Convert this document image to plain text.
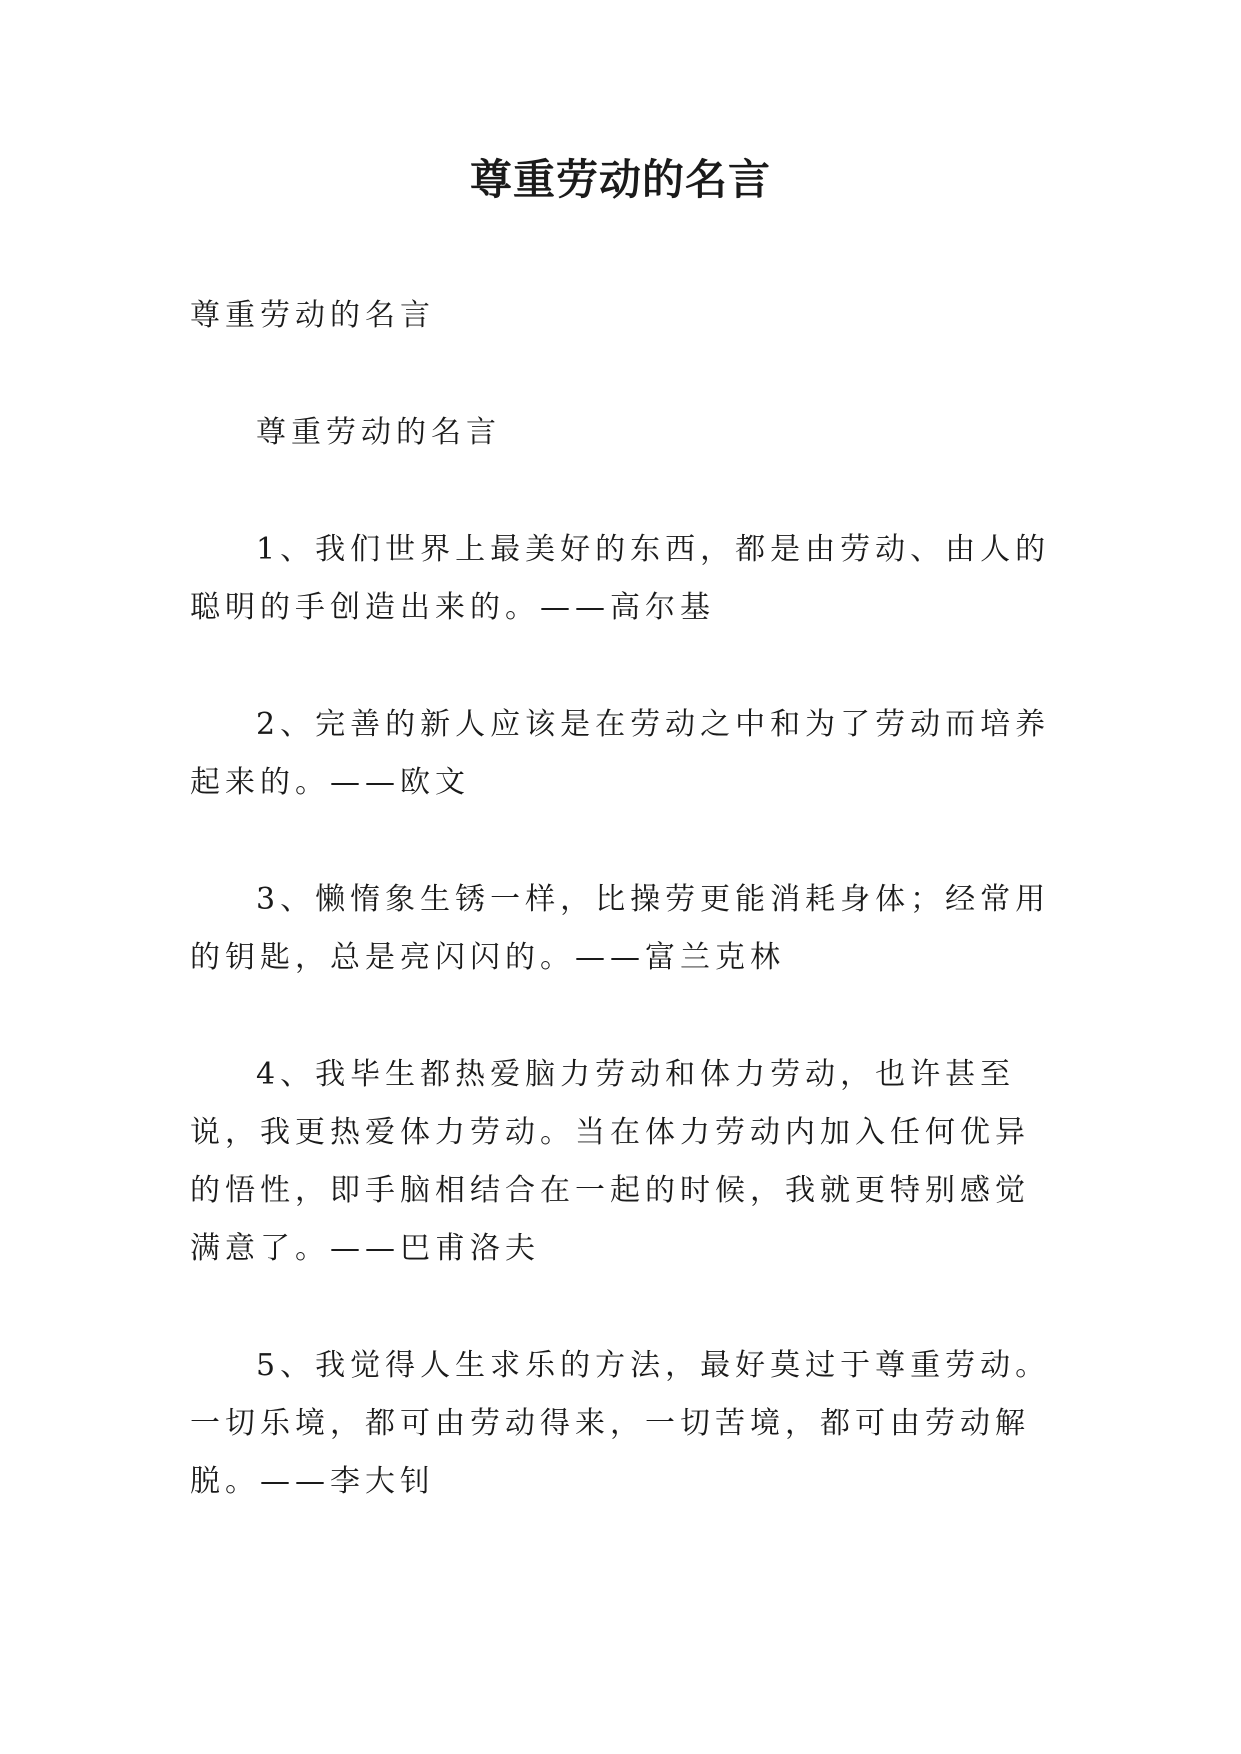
尊重劳动的名言

尊重劳动的名言

尊重劳动的名言

1、我们世界上最美好的东西，都是由劳动、由人的聪明的手创造出来的。——高尔基

2、完善的新人应该是在劳动之中和为了劳动而培养起来的。——欧文

3、懒惰象生锈一样，比操劳更能消耗身体；经常用的钥匙，总是亮闪闪的。——富兰克林

4、我毕生都热爱脑力劳动和体力劳动，也许甚至说，我更热爱体力劳动。当在体力劳动内加入任何优异的悟性，即手脑相结合在一起的时候，我就更特别感觉满意了。——巴甫洛夫

5、我觉得人生求乐的方法，最好莫过于尊重劳动。一切乐境，都可由劳动得来，一切苦境，都可由劳动解脱。——李大钊
